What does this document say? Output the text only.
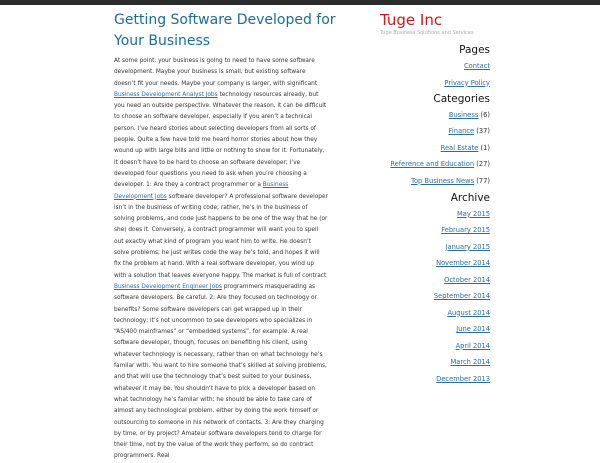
Getting Software Developed for Your Business

At some point, your business is going to need to have some software development. Maybe your business is small, but existing software doesn’t fit your needs. Maybe your company is larger, with significant Business Development Analyst Jobs technology resources already, but you need an outside perspective. Whatever the reason, it can be difficult to choose an software developer, especially if you aren’t a technical person. I’ve heard stories about selecting developers from all sorts of people. Quite a few have told me heard horror stories about how they wound up with large bills and little or nothing to show for it. Fortunately, it doesn’t have to be hard to choose an software developer; I’ve developed four questions you need to ask when you’re choosing a developer. 1: Are they a contract programmer or a Business Development Jobs software developer? A professional software developer isn’t in the business of writing code; rather, he’s in the business of solving problems, and code just happens to be one of the way that he (or she) does it. Conversely, a contract programmer will want you to spell out exactly what kind of program you want him to write. He doesn’t solve problems; he just writes code the way he’s told, and hopes it will fix the problem at hand. With a real software developer, you wind up with a solution that leaves everyone happy. The market is full of contract Business Development Engineer Jobs programmers masquerading as software developers. Be careful. 2: Are they focused on technology or benefits? Some software developers can get wrapped up in their technology; it’s not uncommon to see developers who specializes in “AS/400 mainframes” or “embedded systems”, for example. A real software developer, though, focuses on benefiting his client, using whatever technology is necessary, rather than on what technology he’s familar with. You want to hire someone that’s skilled at solving problems, and that will use the technology that’s best suited to your business, whatever it may be. You shouldn’t have to pick a developer based on what technology he’s familar with; he should be able to take care of almost any technological problem, either by doing the work himself or outsourcing to someone in his network of contacts. 3: Are they charging by time, or by project? Amateur software developers tend to charge for their time, not by the value of the work they perform; so do contract programmers. Real

Tuge Inc
Tuge Business Solutions and Services
Pages

Contact

Privacy Policy

Categories

Business (6)

Finance (37)

Real Estate (1)

Reference and Education (27)

Top Business News (77)

Archive

May 2015

February 2015

January 2015

November 2014

October 2014

September 2014

August 2014

June 2014

April 2014

March 2014

December 2013
